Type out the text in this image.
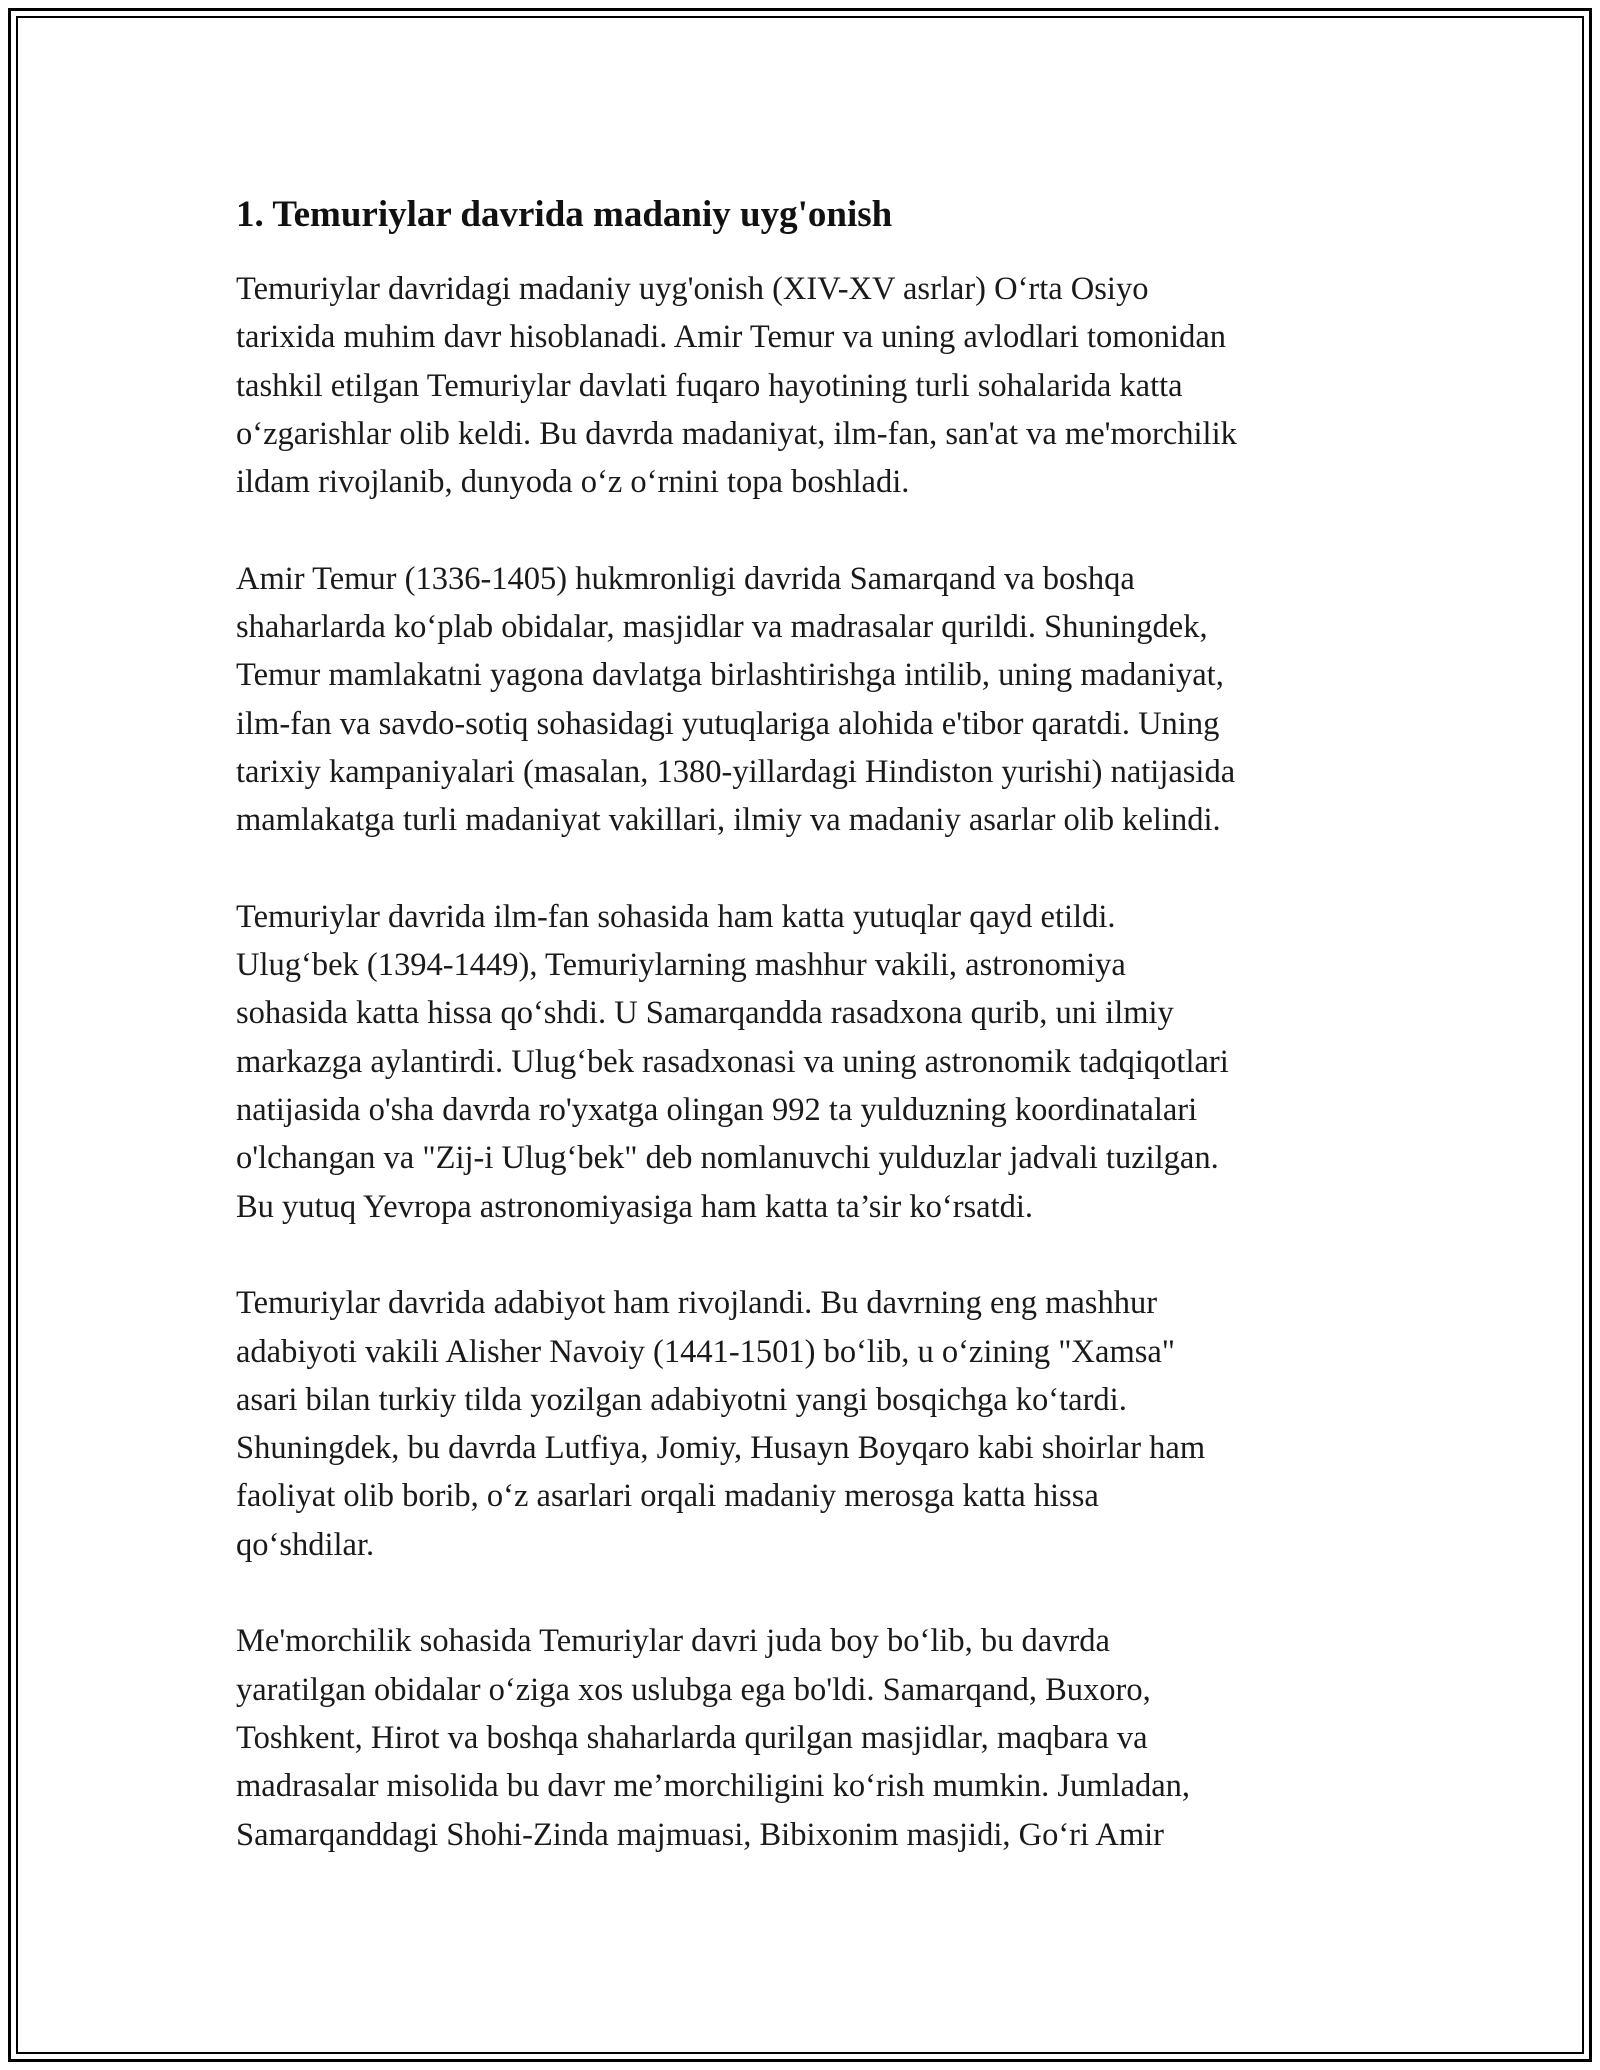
1. Temuriylar davrida madaniy uyg'onish

Temuriylar davridagi madaniy uyg'onish (XIV-XV asrlar) O‘rta Osiyo
tarixida muhim davr hisoblanadi. Amir Temur va uning avlodlari tomonidan
tashkil etilgan Temuriylar davlati fuqaro hayotining turli sohalarida katta
o‘zgarishlar olib keldi. Bu davrda madaniyat, ilm-fan, san'at va me'morchilik
ildam rivojlanib, dunyoda o‘z o‘rnini topa boshladi.

Amir Temur (1336-1405) hukmronligi davrida Samarqand va boshqa
shaharlarda ko‘plab obidalar, masjidlar va madrasalar qurildi. Shuningdek,
Temur mamlakatni yagona davlatga birlashtirishga intilib, uning madaniyat,
ilm-fan va savdo-sotiq sohasidagi yutuqlariga alohida e'tibor qaratdi. Uning
tarixiy kampaniyalari (masalan, 1380-yillardagi Hindiston yurishi) natijasida
mamlakatga turli madaniyat vakillari, ilmiy va madaniy asarlar olib kelindi.

Temuriylar davrida ilm-fan sohasida ham katta yutuqlar qayd etildi.
Ulug‘bek (1394-1449), Temuriylarning mashhur vakili, astronomiya
sohasida katta hissa qo‘shdi. U Samarqandda rasadxona qurib, uni ilmiy
markazga aylantirdi. Ulug‘bek rasadxonasi va uning astronomik tadqiqotlari
natijasida o'sha davrda ro'yxatga olingan 992 ta yulduzning koordinatalari
o'lchangan va "Zij-i Ulug‘bek" deb nomlanuvchi yulduzlar jadvali tuzilgan.
Bu yutuq Yevropa astronomiyasiga ham katta ta’sir ko‘rsatdi.

Temuriylar davrida adabiyot ham rivojlandi. Bu davrning eng mashhur
adabiyoti vakili Alisher Navoiy (1441-1501) bo‘lib, u o‘zining "Xamsa"
asari bilan turkiy tilda yozilgan adabiyotni yangi bosqichga ko‘tardi.
Shuningdek, bu davrda Lutfiya, Jomiy, Husayn Boyqaro kabi shoirlar ham
faoliyat olib borib, o‘z asarlari orqali madaniy merosga katta hissa
qo‘shdilar.

Me'morchilik sohasida Temuriylar davri juda boy bo‘lib, bu davrda
yaratilgan obidalar o‘ziga xos uslubga ega bo'ldi. Samarqand, Buxoro,
Toshkent, Hirot va boshqa shaharlarda qurilgan masjidlar, maqbara va
madrasalar misolida bu davr me’morchiligini ko‘rish mumkin. Jumladan,
Samarqanddagi Shohi-Zinda majmuasi, Bibixonim masjidi, Go‘ri Amir
